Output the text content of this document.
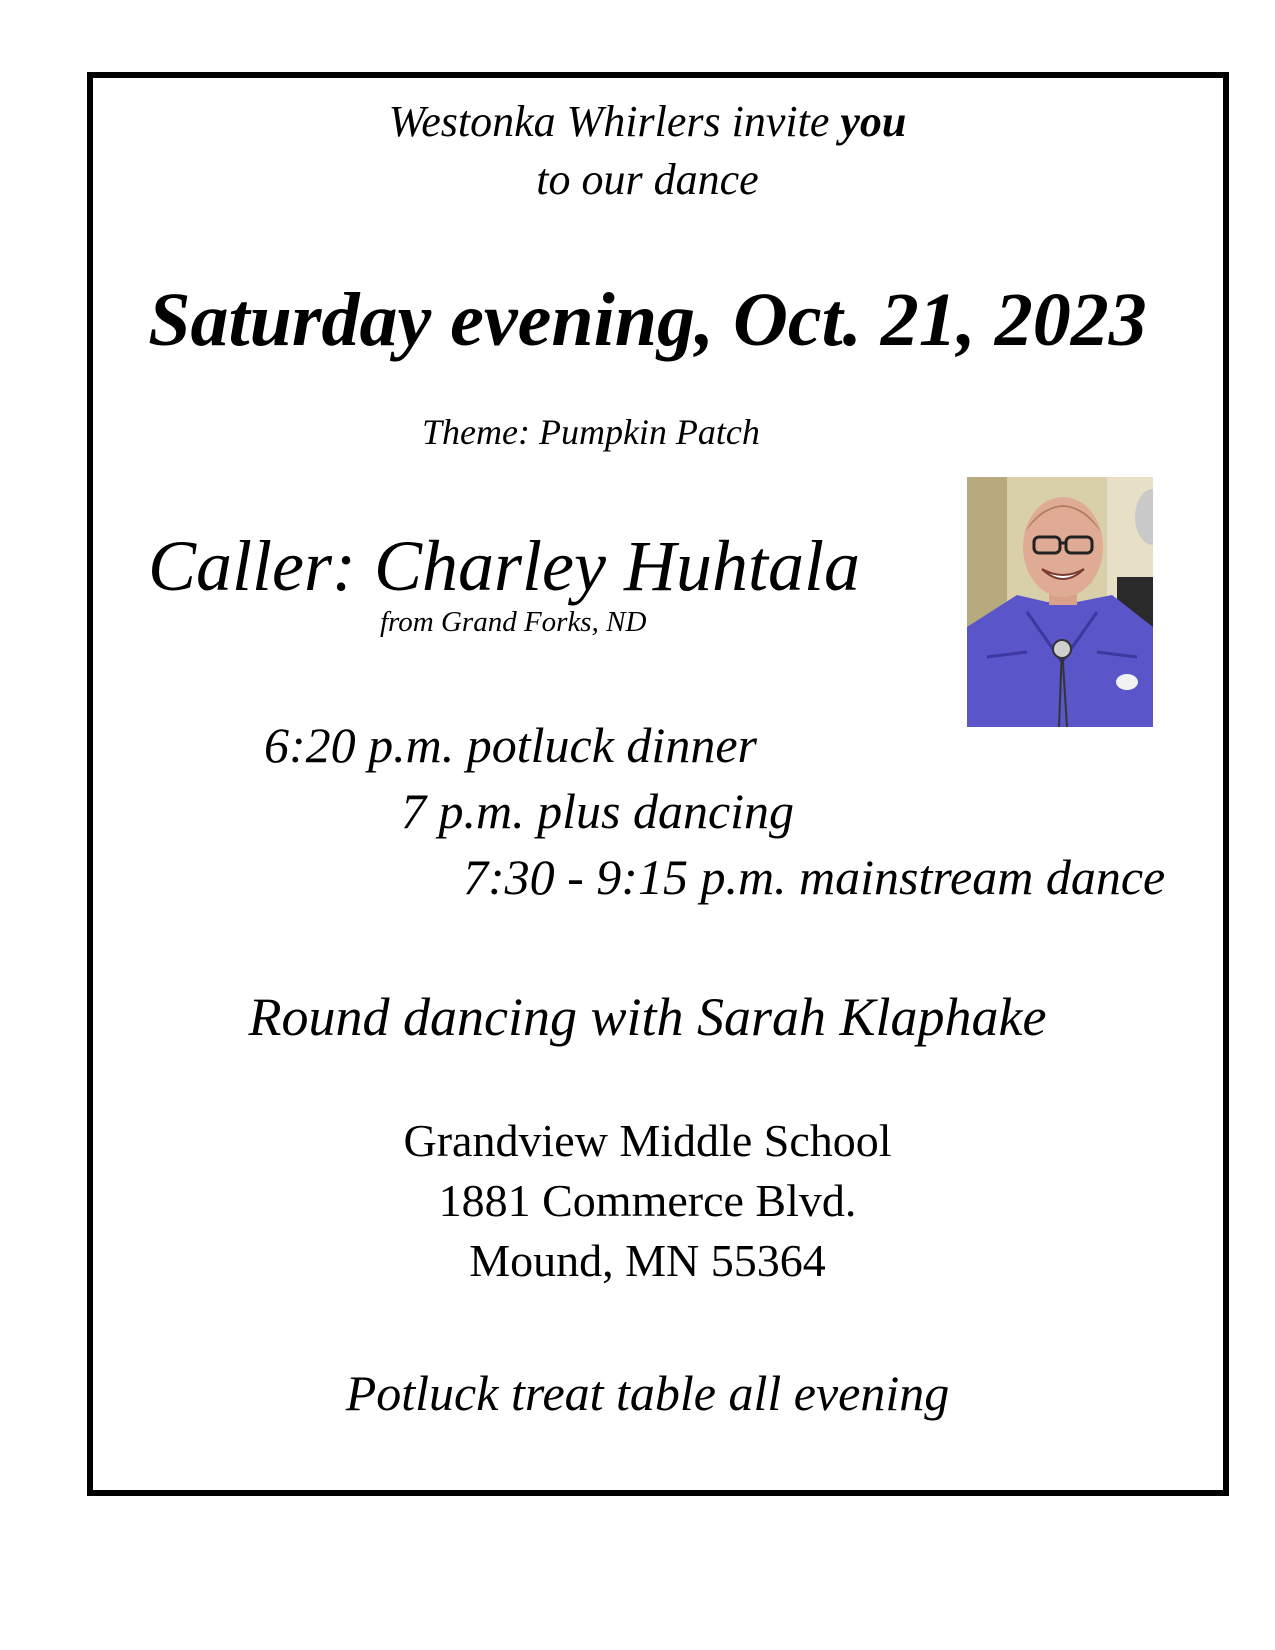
Westonka Whirlers invite you
to our dance
Saturday evening, Oct. 21, 2023
Theme: Pumpkin Patch
Caller: Charley Huhtala
from Grand Forks, ND
6:20 p.m. potluck dinner
7 p.m. plus dancing
7:30 - 9:15 p.m. mainstream dance
Round dancing with Sarah Klaphake
Grandview Middle School
1881 Commerce Blvd.
Mound, MN 55364
Potluck treat table all evening
